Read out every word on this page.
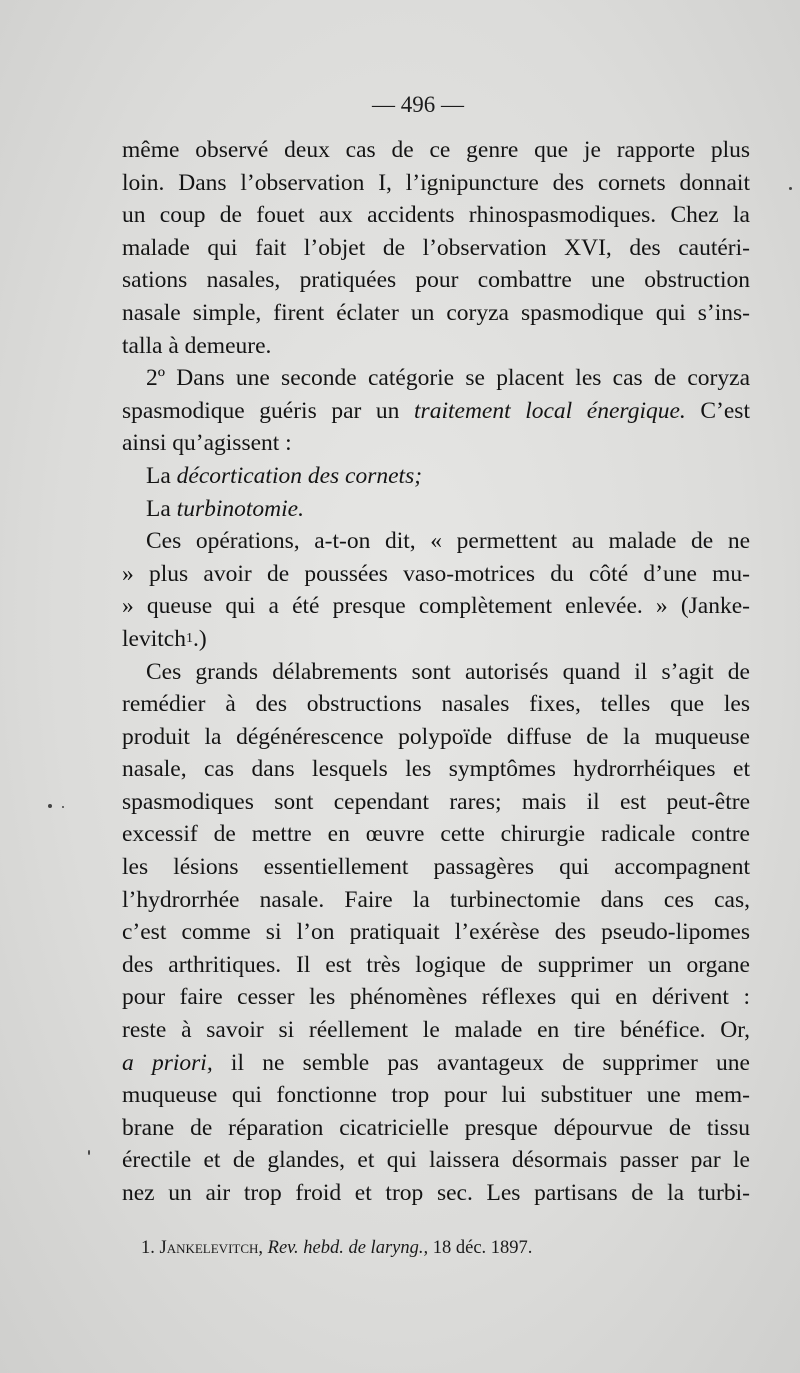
— 496 —
même observé deux cas de ce genre que je rapporte plus
loin. Dans l’observation I, l’ignipuncture des cornets donnait
un coup de fouet aux accidents rhinospasmodiques. Chez la
malade qui fait l’objet de l’observation XVI, des cautéri-
sations nasales, pratiquées pour combattre une obstruction
nasale simple, firent éclater un coryza spasmodique qui s’ins-
talla à demeure.
2º Dans une seconde catégorie se placent les cas de coryza
spasmodique guéris par un traitement local énergique. C’est
ainsi qu’agissent :
La décortication des cornets;
La turbinotomie.
Ces opérations, a-t-on dit, « permettent au malade de ne
» plus avoir de poussées vaso-motrices du côté d’une mu-
» queuse qui a été presque complètement enlevée. » (Janke-
levitch$^1$.)
Ces grands délabrements sont autorisés quand il s’agit de
remédier à des obstructions nasales fixes, telles que les
produit la dégénérescence polypoïde diffuse de la muqueuse
nasale, cas dans lesquels les symptômes hydrorrhéiques et
spasmodiques sont cependant rares; mais il est peut-être
excessif de mettre en œuvre cette chirurgie radicale contre
les lésions essentiellement passagères qui accompagnent
l’hydrorrhée nasale. Faire la turbinectomie dans ces cas,
c’est comme si l’on pratiquait l’exérèse des pseudo-lipomes
des arthritiques. Il est très logique de supprimer un organe
pour faire cesser les phénomènes réflexes qui en dérivent :
reste à savoir si réellement le malade en tire bénéfice. Or,
a priori, il ne semble pas avantageux de supprimer une
muqueuse qui fonctionne trop pour lui substituer une mem-
brane de réparation cicatricielle presque dépourvue de tissu
érectile et de glandes, et qui laissera désormais passer par le
nez un air trop froid et trop sec. Les partisans de la turbi-
1. Jankelevitch, Rev. hebd. de laryng., 18 déc. 1897.
